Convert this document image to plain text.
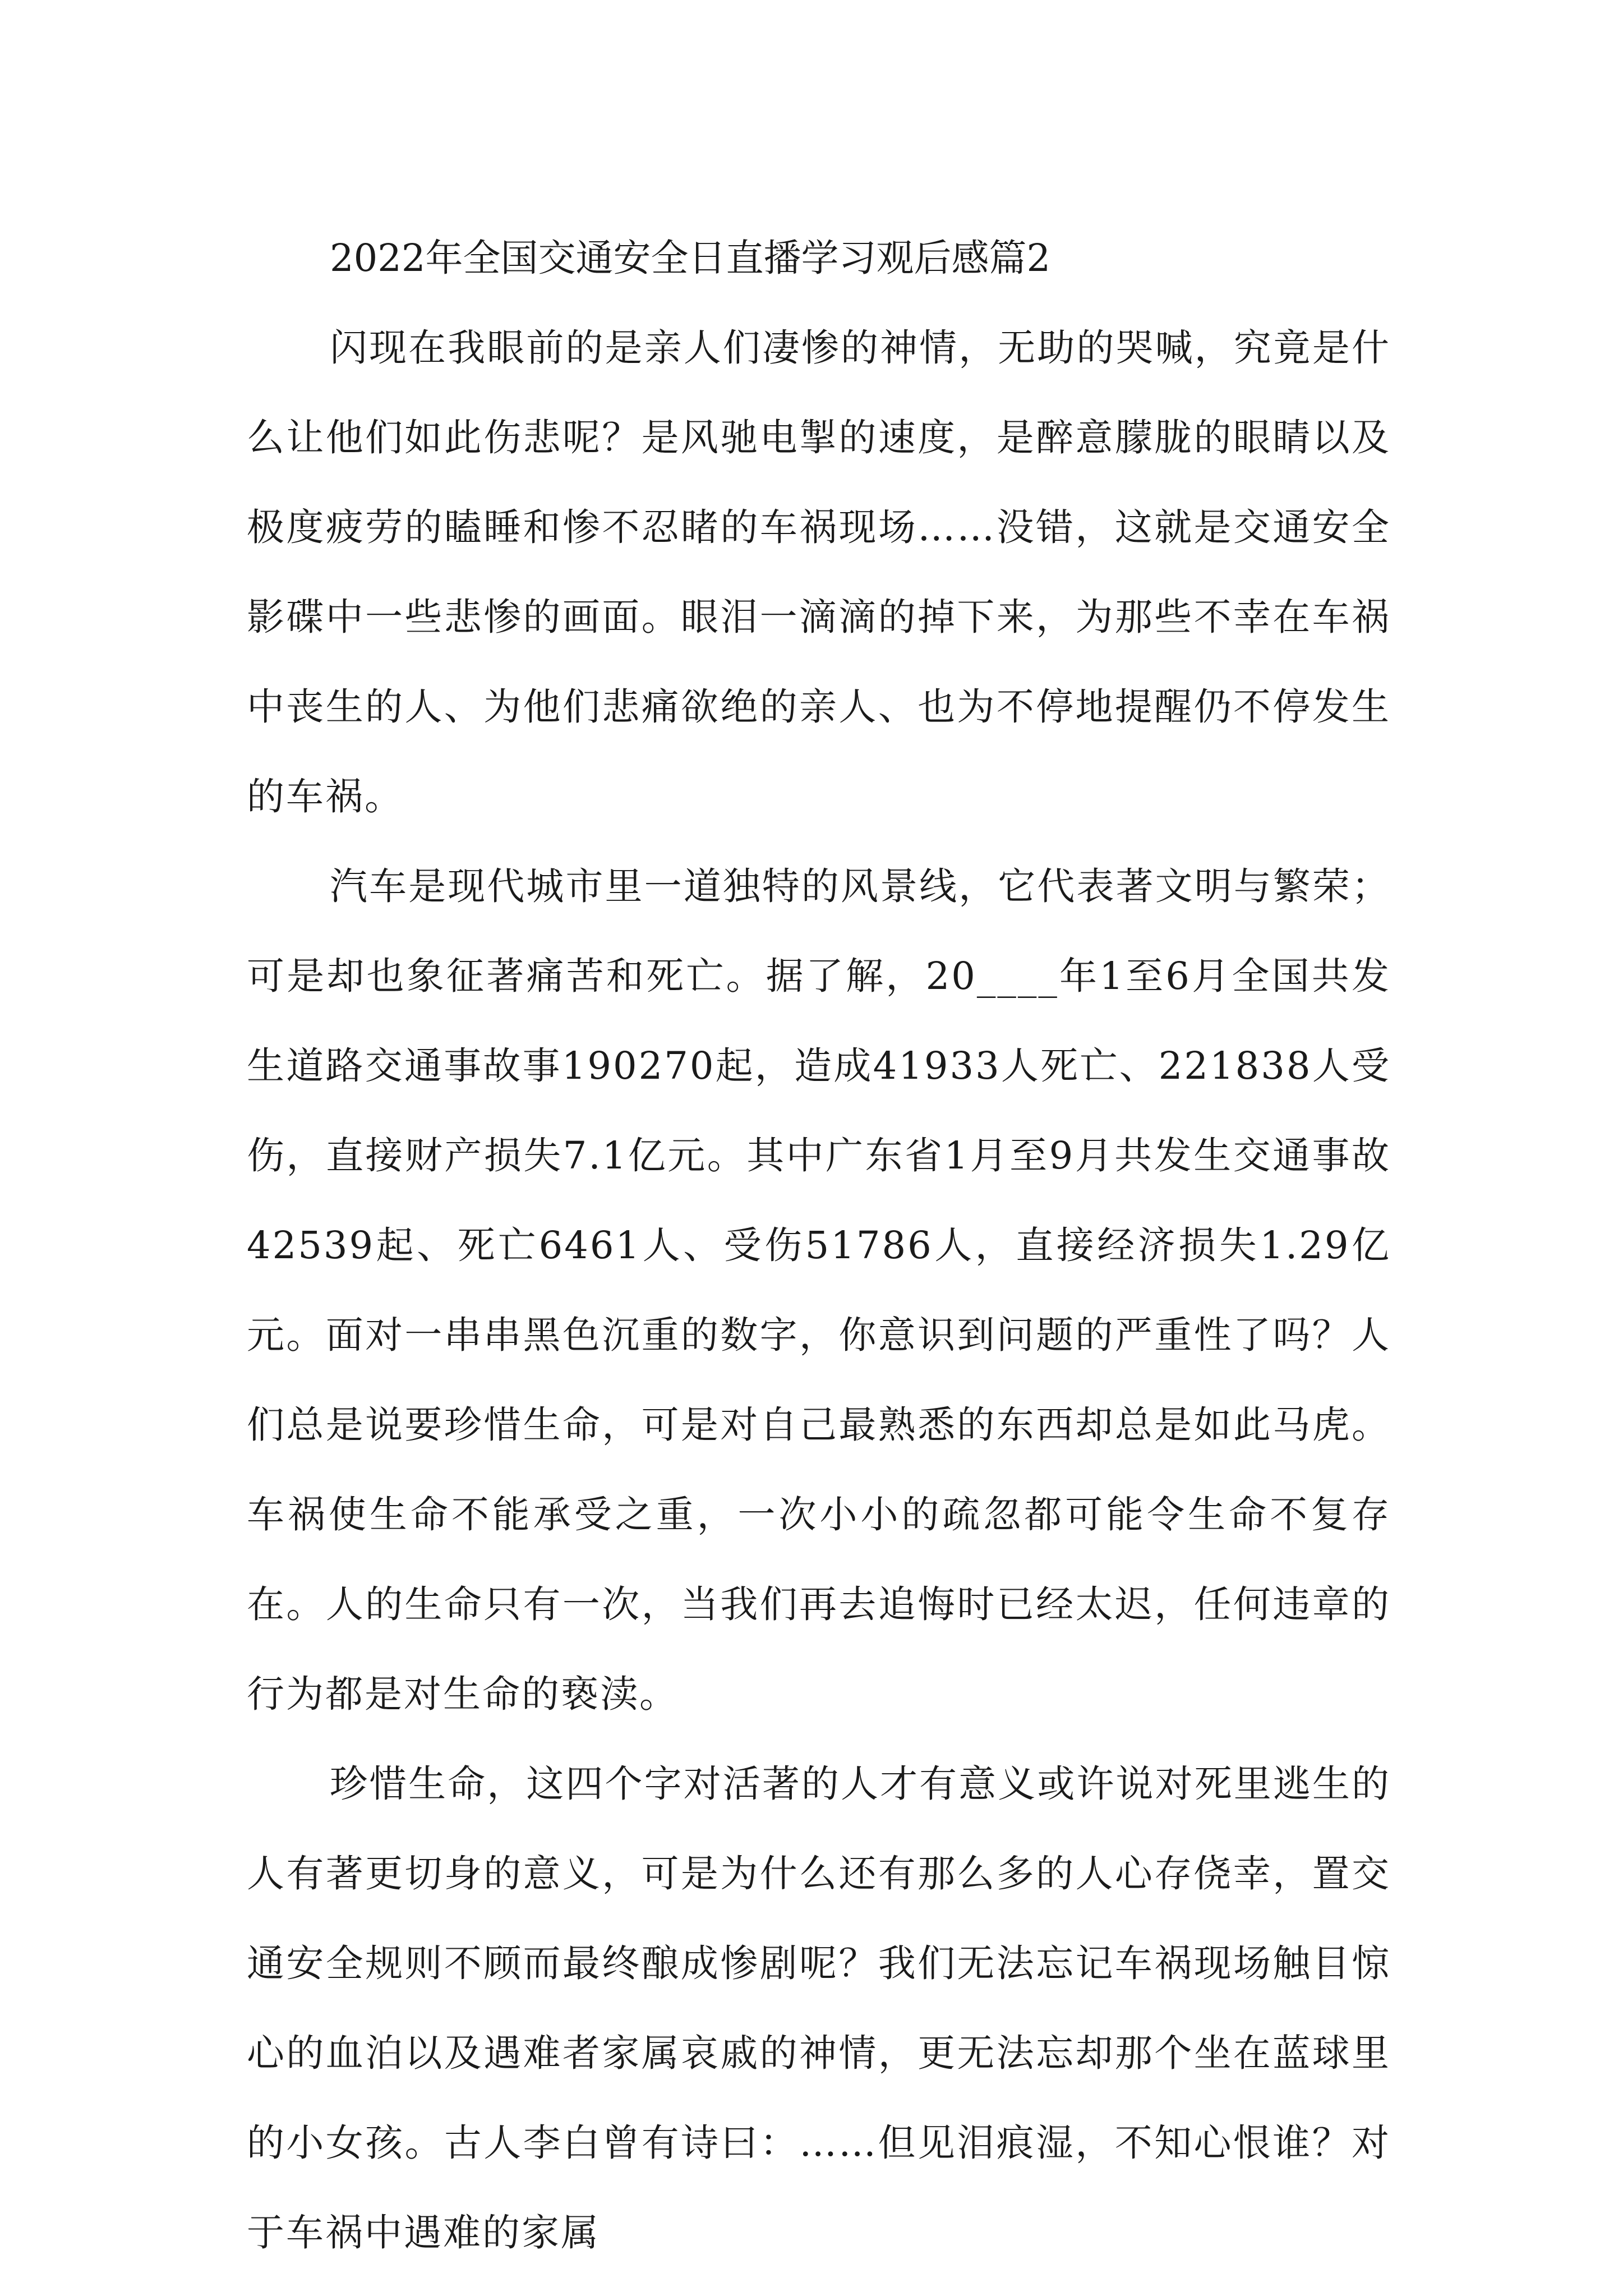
2022年全国交通安全日直播学习观后感篇2

闪现在我眼前的是亲人们凄惨的神情，无助的哭喊，究竟是什么让他们如此伤悲呢？是风驰电掣的速度，是醉意朦胧的眼睛以及极度疲劳的瞌睡和惨不忍睹的车祸现场……没错，这就是交通安全影碟中一些悲惨的画面。眼泪一滴滴的掉下来，为那些不幸在车祸中丧生的人、为他们悲痛欲绝的亲人、也为不停地提醒仍不停发生的车祸。

汽车是现代城市里一道独特的风景线，它代表著文明与繁荣；可是却也象征著痛苦和死亡。据了解，20____年1至6月全国共发生道路交通事故事190270起，造成41933人死亡、221838人受伤，直接财产损失7.1亿元。其中广东省1月至9月共发生交通事故42539起、死亡6461人、受伤51786人，直接经济损失1.29亿元。面对一串串黑色沉重的数字，你意识到问题的严重性了吗？人们总是说要珍惜生命，可是对自己最熟悉的东西却总是如此马虎。车祸使生命不能承受之重，一次小小的疏忽都可能令生命不复存在。人的生命只有一次，当我们再去追悔时已经太迟，任何违章的行为都是对生命的亵渎。

珍惜生命，这四个字对活著的人才有意义或许说对死里逃生的人有著更切身的意义，可是为什么还有那么多的人心存侥幸，置交通安全规则不顾而最终酿成惨剧呢？我们无法忘记车祸现场触目惊心的血泊以及遇难者家属哀戚的神情，更无法忘却那个坐在蓝球里的小女孩。古人李白曾有诗曰：……但见泪痕湿，不知心恨谁？对于车祸中遇难的家属
